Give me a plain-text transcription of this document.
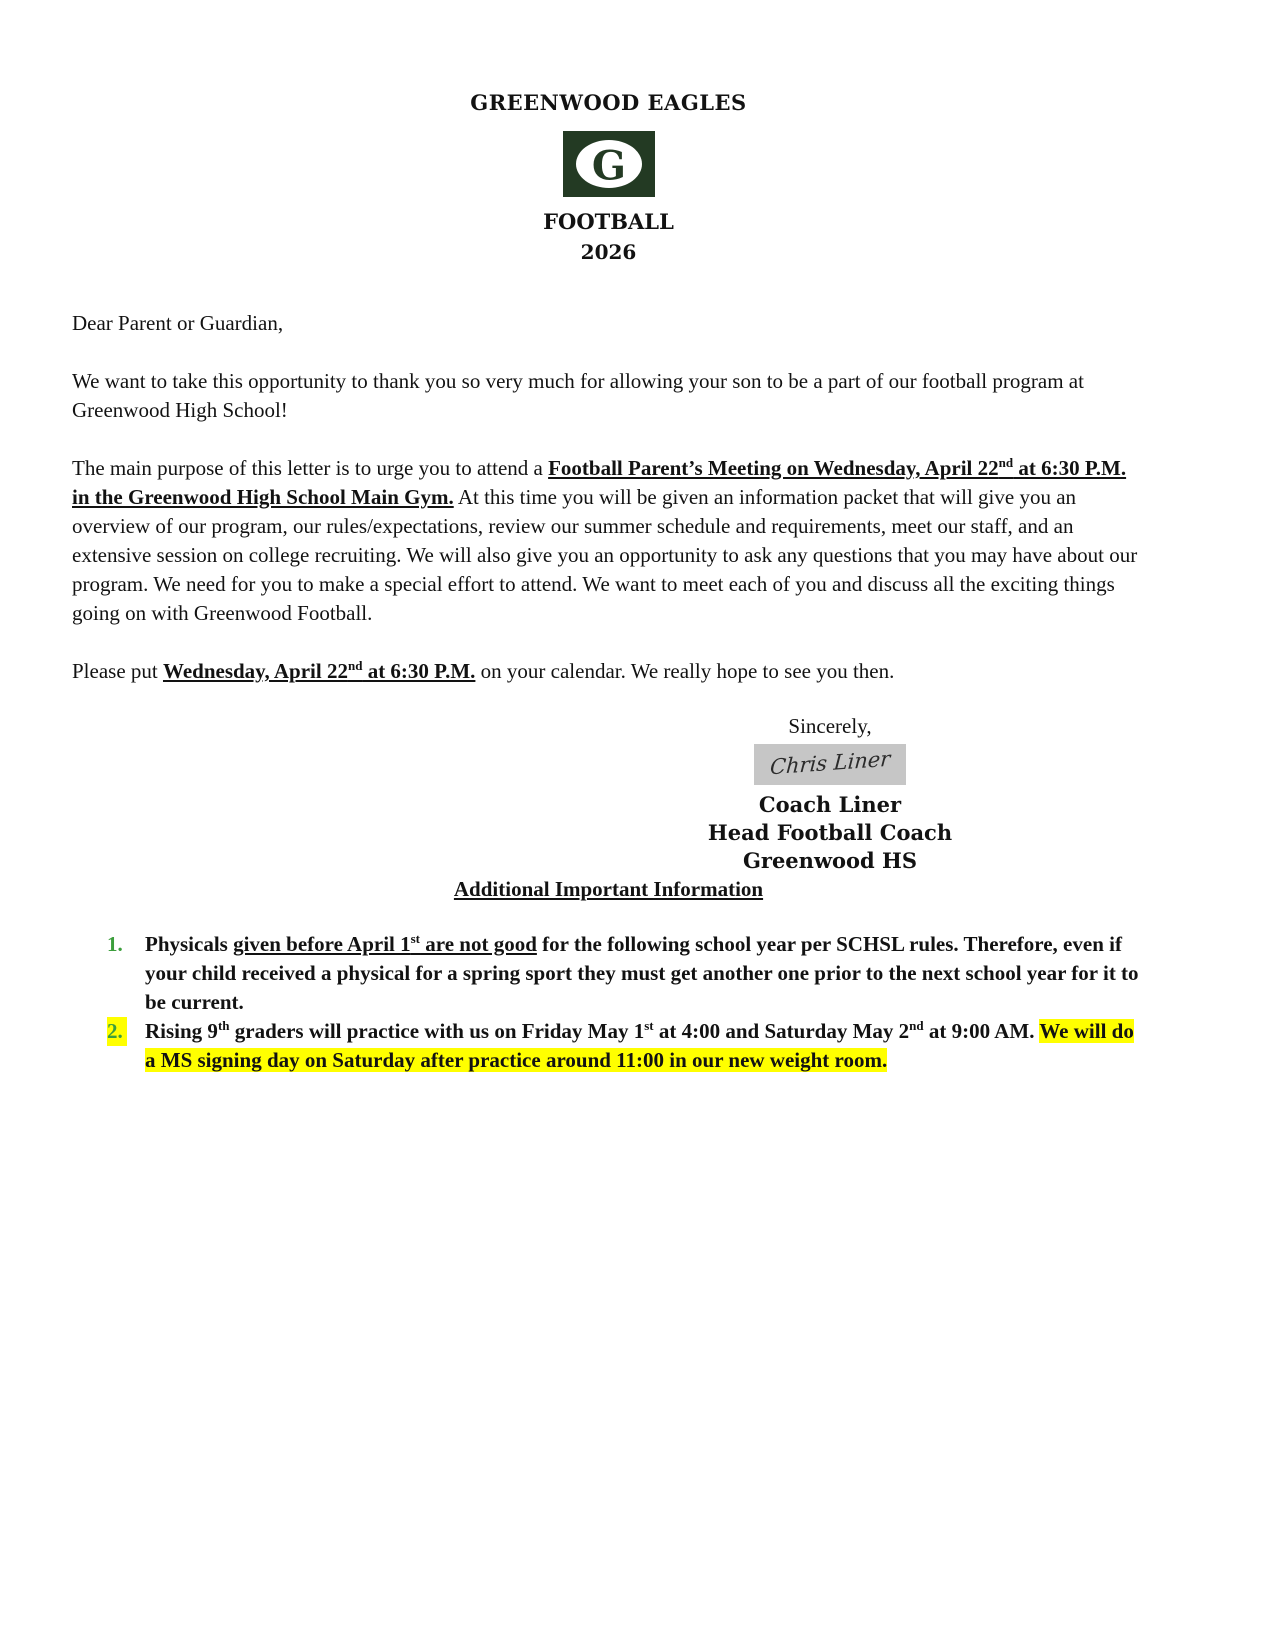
GREENWOOD EAGLES
G
FOOTBALL
2026

Dear Parent or Guardian,

We want to take this opportunity to thank you so very much for allowing your son to be a part of our football program at Greenwood High School!

The main purpose of this letter is to urge you to attend a Football Parent’s Meeting on Wednesday, April 22nd at 6:30 P.M. in the Greenwood High School Main Gym. At this time you will be given an information packet that will give you an overview of our program, our rules/expectations, review our summer schedule and requirements, meet our staff, and an extensive session on college recruiting. We will also give you an opportunity to ask any questions that you may have about our program. We need for you to make a special effort to attend. We want to meet each of you and discuss all the exciting things going on with Greenwood Football.

Please put Wednesday, April 22nd at 6:30 P.M. on your calendar. We really hope to see you then.

Sincerely,
Chris Liner
Coach Liner
Head Football Coach
Greenwood HS
Additional Important Information
1.	Physicals given before April 1st are not good for the following school year per SCHSL rules. Therefore, even if your child received a physical for a spring sport they must get another one prior to the next school year for it to be current.
2.	Rising 9th graders will practice with us on Friday May 1st at 4:00 and Saturday May 2nd at 9:00 AM. We will do a MS signing day on Saturday after practice around 11:00 in our new weight room.
